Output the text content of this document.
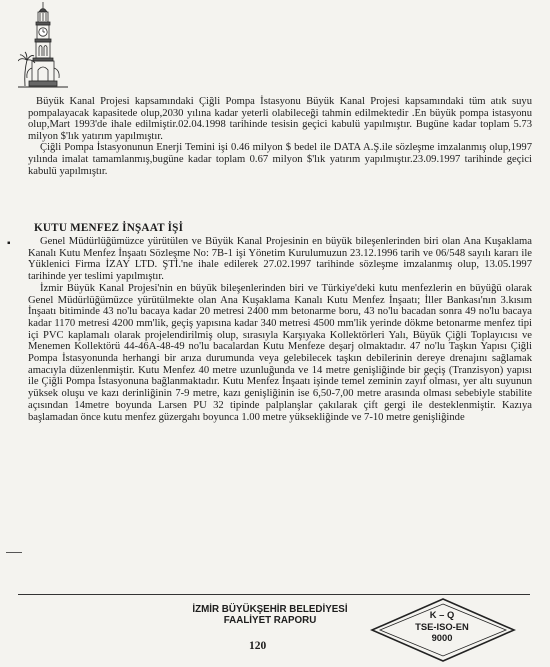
Büyük Kanal Projesi kapsamındaki Çiğli Pompa İstasyonu Büyük Kanal Projesi kapsamındaki tüm atık suyu pompalayacak kapasitede olup,2030 yılına kadar yeterli olabileceği tahmin edilmektedir .En büyük pompa istasyonu olup,Mart 1993'de ihale edilmiştir.02.04.1998 tarihinde tesisin geçici kabulü yapılmıştır. Bugüne kadar toplam 5.73 milyon $'lık yatırım yapılmıştır.

Çiğli Pompa İstasyonunun Enerji Temini işi 0.46 milyon $ bedel ile DATA A.Ş.ile sözleşme imzalanmış olup,1997 yılında imalat tamamlanmış,bugüne kadar toplam 0.67 milyon $'lık yatırım yapılmıştır.23.09.1997 tarihinde geçici kabulü yapılmıştır.

KUTU MENFEZ İNŞAAT İŞİ
▪	Genel Müdürlüğümüzce yürütülen ve Büyük Kanal Projesinin en büyük bileşenlerinden biri olan Ana Kuşaklama Kanalı Kutu Menfez İnşaatı Sözleşme No: 7B-1 işi Yönetim Kurulumuzun 23.12.1996 tarih ve 06/548 sayılı kararı ile Yüklenici Firma İZAY LTD. ŞTİ.'ne ihale edilerek 27.02.1997 tarihinde sözleşme imzalanmış olup, 13.05.1997 tarihinde yer teslimi yapılmıştır.

İzmir Büyük Kanal Projesi'nin en büyük bileşenlerinden biri ve Türkiye'deki kutu menfezlerin en büyüğü olarak Genel Müdürlüğümüzce yürütülmekte olan Ana Kuşaklama Kanalı Kutu Menfez İnşaatı; İller Bankası'nın 3.kısım İnşaatı bitiminde 43 no'lu bacaya kadar 20 metresi 2400 mm betonarme boru, 43 no'lu bacadan sonra 49 no'lu bacaya kadar 1170 metresi 4200 mm'lik, geçiş yapısına kadar 340 metresi 4500 mm'lik yerinde dökme betonarme menfez tipi içi PVC kaplamalı olarak projelendirilmiş olup, sırasıyla Karşıyaka Kollektörleri Yalı, Büyük Çiğli Toplayıcısı ve Menemen Kollektörü 44-46A-48-49 no'lu bacalardan Kutu Menfeze deşarj olmaktadır. 47 no'lu Taşkın Yapısı Çiğli Pompa İstasyonunda herhangi bir arıza durumunda veya gelebilecek taşkın debilerinin dereye drenajını sağlamak amacıyla düzenlenmiştir. Kutu Menfez 40 metre uzunluğunda ve 14 metre genişliğinde bir geçiş (Tranzisyon) yapısı ile Çiğli Pompa İstasyonuna bağlanmaktadır. Kutu Menfez İnşaatı işinde temel zeminin zayıf olması, yer altı suyunun yüksek oluşu ve kazı derinliğinin 7-9 metre, kazı genişliğinin ise 6,50-7,00 metre arasında olması sebebiyle stabilite açısından 14metre boyunda Larsen PU 32 tipinde palplanşlar çakılarak çift gergi ile desteklenmiştir. Kazıya başlamadan önce kutu menfez güzergahı boyunca 1.00 metre yüksekliğinde ve 7-10 metre genişliğinde

İZMİR BÜYÜKŞEHİR BELEDİYESİ
FAALİYET RAPORU
120
K – Q
TSE-ISO-EN
9000
